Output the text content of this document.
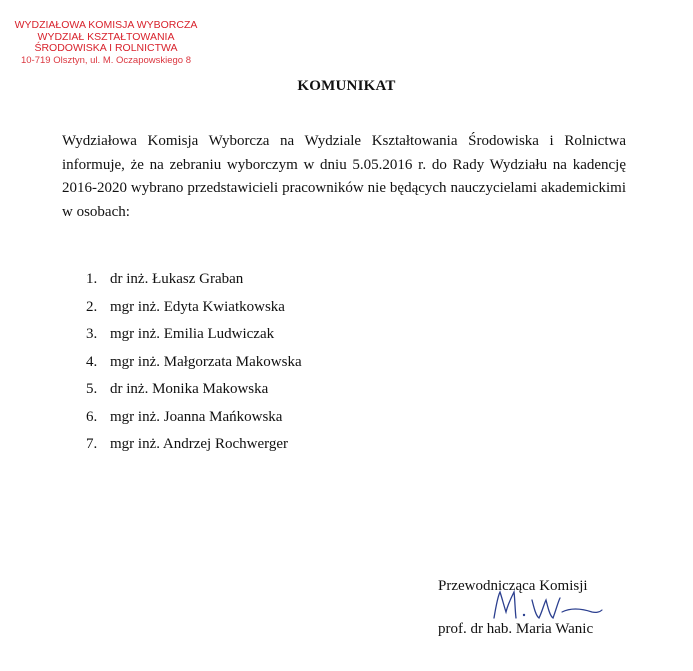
WYDZIAŁOWA KOMISJA WYBORCZA
WYDZIAŁ KSZTAŁTOWANIA
ŚRODOWISKA I ROLNICTWA
10-719 Olsztyn, ul. M. Oczapowskiego 8
KOMUNIKAT

Wydziałowa Komisja Wyborcza na Wydziale Kształtowania Środowiska i Rolnictwa informuje, że na zebraniu wyborczym w dniu 5.05.2016 r. do Rady Wydziału na kadencję 2016-2020 wybrano przedstawicieli pracowników nie będących nauczycielami akademickimi w osobach:

1. dr inż. Łukasz Graban
2. mgr inż. Edyta Kwiatkowska
3. mgr inż. Emilia Ludwiczak
4. mgr inż. Małgorzata Makowska
5. dr inż. Monika Makowska
6. mgr inż. Joanna Mańkowska
7. mgr inż. Andrzej Rochwerger
Przewodnicząca Komisji
prof. dr hab. Maria Wanic
